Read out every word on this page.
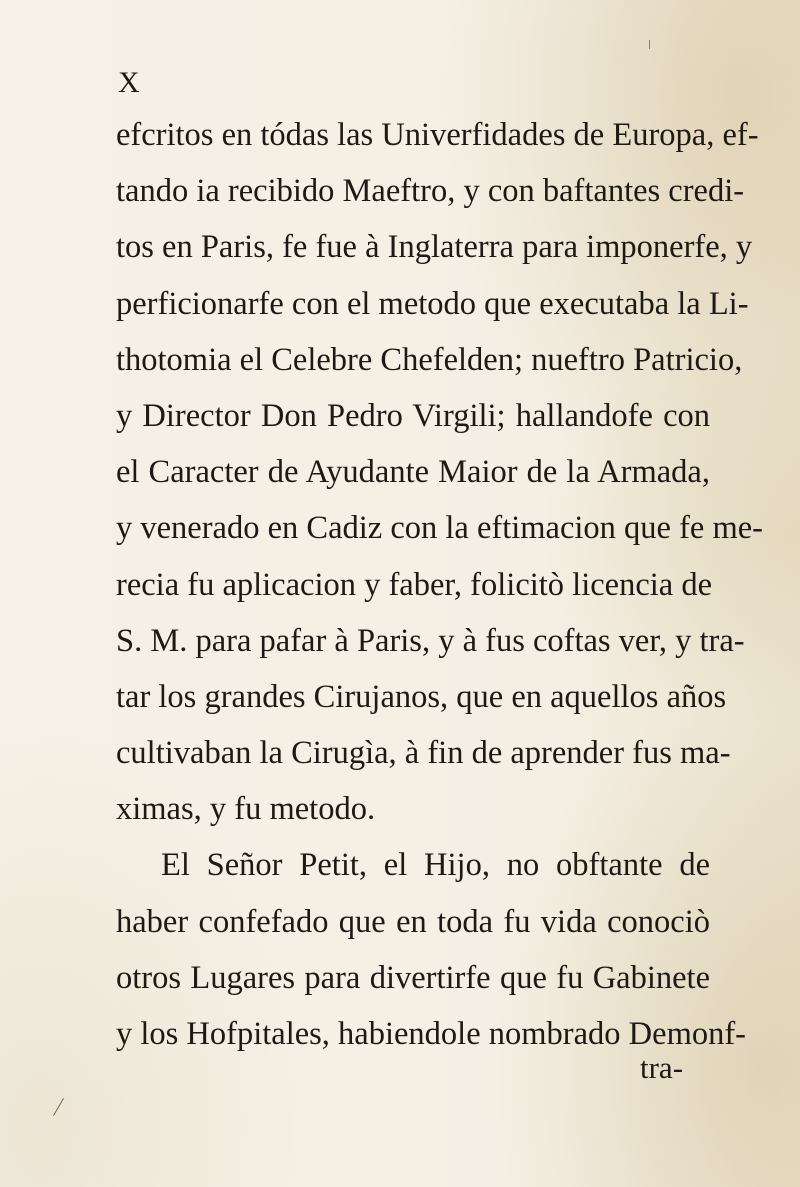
X
efcritos en tódas las Univerfidades de Europa, ef-
tando ia recibido Maeftro, y con baftantes credi-
tos en Paris, fe fue à Inglaterra para imponerfe, y
perficionarfe con el metodo que executaba la Li-
thotomia el Celebre Chefelden; nueftro Patricio,
y Director Don Pedro Virgili; hallandofe con
el Caracter de Ayudante Maior de la Armada,
y venerado en Cadiz con la eftimacion que fe me-
recia fu aplicacion y faber, folicitò licencia de
S. M. para pafar à Paris, y à fus coftas ver, y tra-
tar los grandes Cirujanos, que en aquellos años
cultivaban la Cirugìa, à fin de aprender fus ma-
ximas, y fu metodo.
El Señor Petit, el Hijo, no obftante de
haber confefado que en toda fu vida conociò
otros Lugares para divertirfe que fu Gabinete
y los Hofpitales, habiendole nombrado Demonf-
tra-
